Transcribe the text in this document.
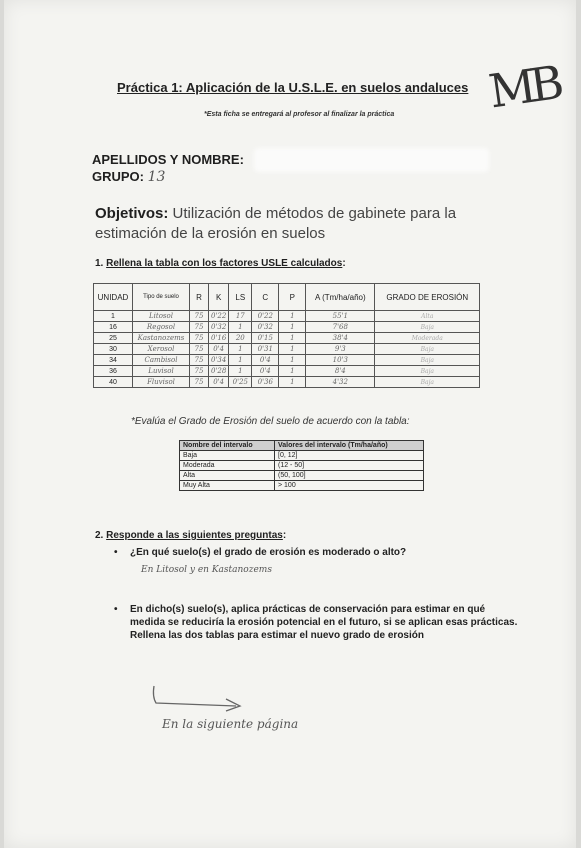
Práctica 1: Aplicación de la U.S.L.E. en suelos andaluces MB
*Esta ficha se entregará al profesor al finalizar la práctica
APELLIDOS Y NOMBRE:
GRUPO: 13
Objetivos: Utilización de métodos de gabinete para la estimación de la erosión en suelos
1. Rellena la tabla con los factores USLE calculados:
UNIDAD	Tipo de suelo	R	K	LS	C	P	A (Tm/ha/año)	GRADO DE EROSIÓN
1	Litosol	75	0'22	17	0'22	1	55'1	Alta
16	Regosol	75	0'32	1	0'32	1	7'68	Baja
25	Kastanozems	75	0'16	20	0'15	1	38'4	Moderada
30	Xerosol	75	0'4	1	0'31	1	9'3	Baja
34	Cambisol	75	0'34	1	0'4	1	10'3	Baja
36	Luvisol	75	0'28	1	0'4	1	8'4	Baja
40	Fluvisol	75	0'4	0'25	0'36	1	4'32	Baja
*Evalúa el Grado de Erosión del suelo de acuerdo con la tabla:
Nombre del intervalo	Valores del intervalo (Tm/ha/año)
Baja	[0, 12]
Moderada	(12 - 50]
Alta	(50, 100]
Muy Alta	> 100
2. Responde a las siguientes preguntas:
• ¿En qué suelo(s) el grado de erosión es moderado o alto?
En Litosol y en Kastanozems
• En dicho(s) suelo(s), aplica prácticas de conservación para estimar en qué medida se reduciría la erosión potencial en el futuro, si se aplican esas prácticas. Rellena las dos tablas para estimar el nuevo grado de erosión
En la siguiente página
